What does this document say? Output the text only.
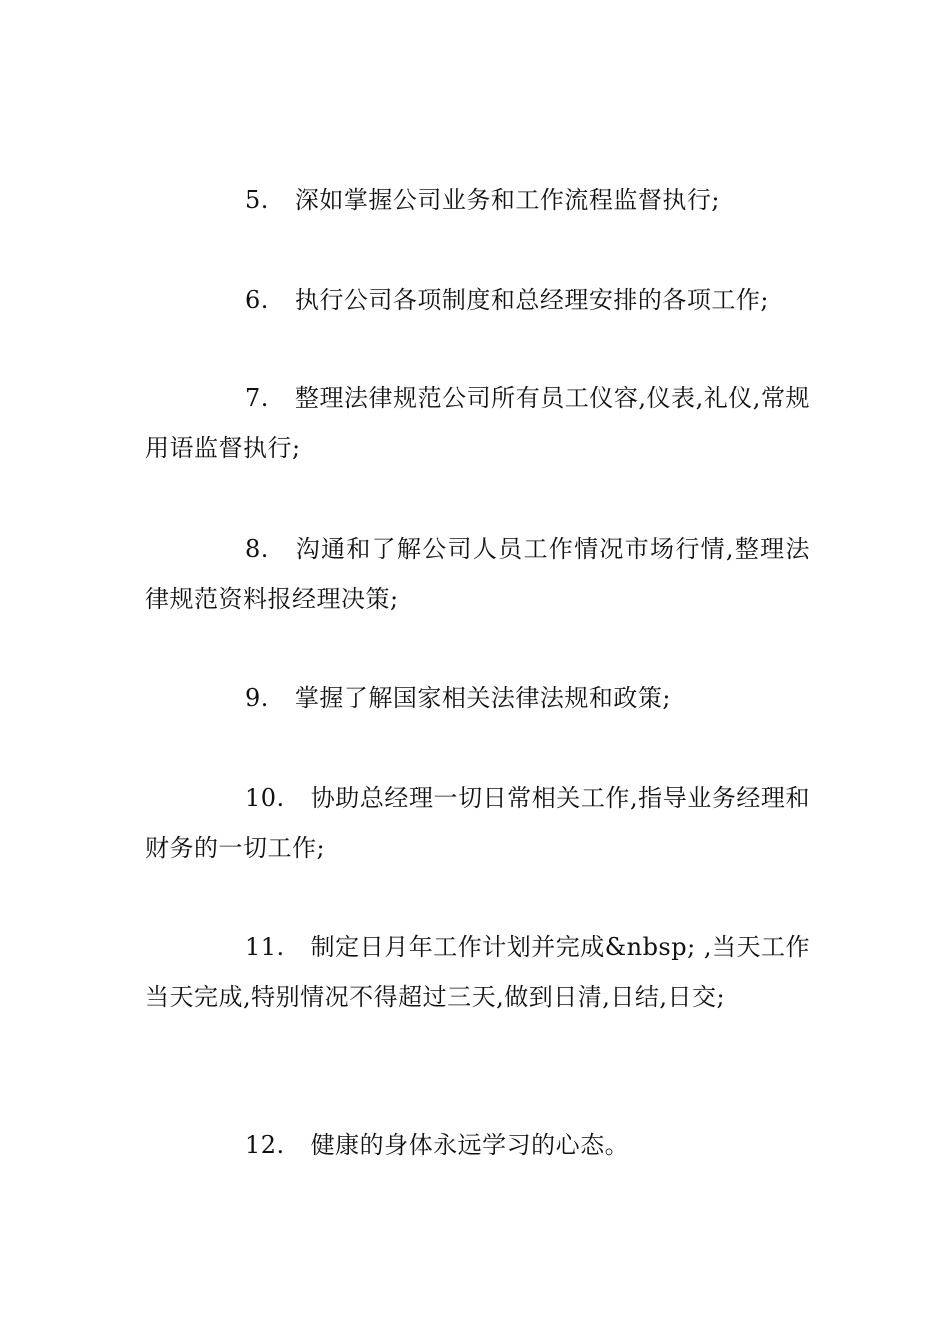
5. 深如掌握公司业务和工作流程监督执行;

6. 执行公司各项制度和总经理安排的各项工作;

7. 整理法律规范公司所有员工仪容,仪表,礼仪,常规用语监督执行;

8. 沟通和了解公司人员工作情况市场行情,整理法律规范资料报经理决策;

9. 掌握了解国家相关法律法规和政策;

10. 协助总经理一切日常相关工作,指导业务经理和财务的一切工作;

11. 制定日月年工作计划并完成&nbsp; ,当天工作当天完成,特别情况不得超过三天,做到日清,日结,日交;

12. 健康的身体永远学习的心态。
